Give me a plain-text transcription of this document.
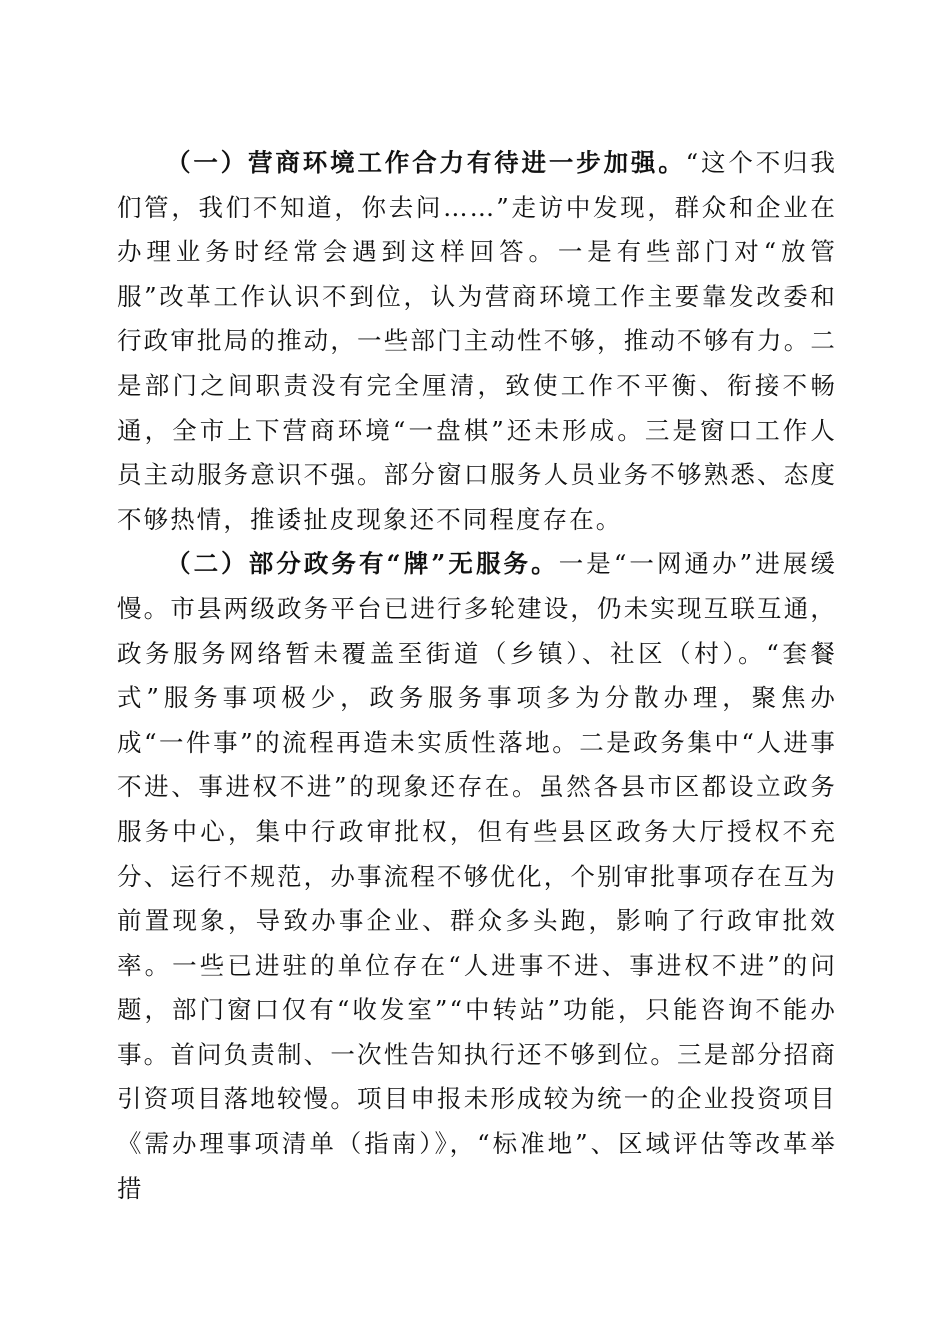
（一）营商环境工作合力有待进一步加强。“这个不归我们管，我们不知道，你去问……”走访中发现，群众和企业在办理业务时经常会遇到这样回答。一是有些部门对“放管服”改革工作认识不到位，认为营商环境工作主要靠发改委和行政审批局的推动，一些部门主动性不够，推动不够有力。二是部门之间职责没有完全厘清，致使工作不平衡、衔接不畅通，全市上下营商环境“一盘棋”还未形成。三是窗口工作人员主动服务意识不强。部分窗口服务人员业务不够熟悉、态度不够热情，推诿扯皮现象还不同程度存在。

（二）部分政务有“牌”无服务。一是“一网通办”进展缓慢。市县两级政务平台已进行多轮建设，仍未实现互联互通，政务服务网络暂未覆盖至街道（乡镇）、社区（村）。“套餐式”服务事项极少，政务服务事项多为分散办理，聚焦办成“一件事”的流程再造未实质性落地。二是政务集中“人进事不进、事进权不进”的现象还存在。虽然各县市区都设立政务服务中心，集中行政审批权，但有些县区政务大厅授权不充分、运行不规范，办事流程不够优化，个别审批事项存在互为前置现象，导致办事企业、群众多头跑，影响了行政审批效率。一些已进驻的单位存在“人进事不进、事进权不进”的问题，部门窗口仅有“收发室”“中转站”功能，只能咨询不能办事。首问负责制、一次性告知执行还不够到位。三是部分招商引资项目落地较慢。项目申报未形成较为统一的企业投资项目《需办理事项清单（指南）》，“标准地”、区域评估等改革举措
